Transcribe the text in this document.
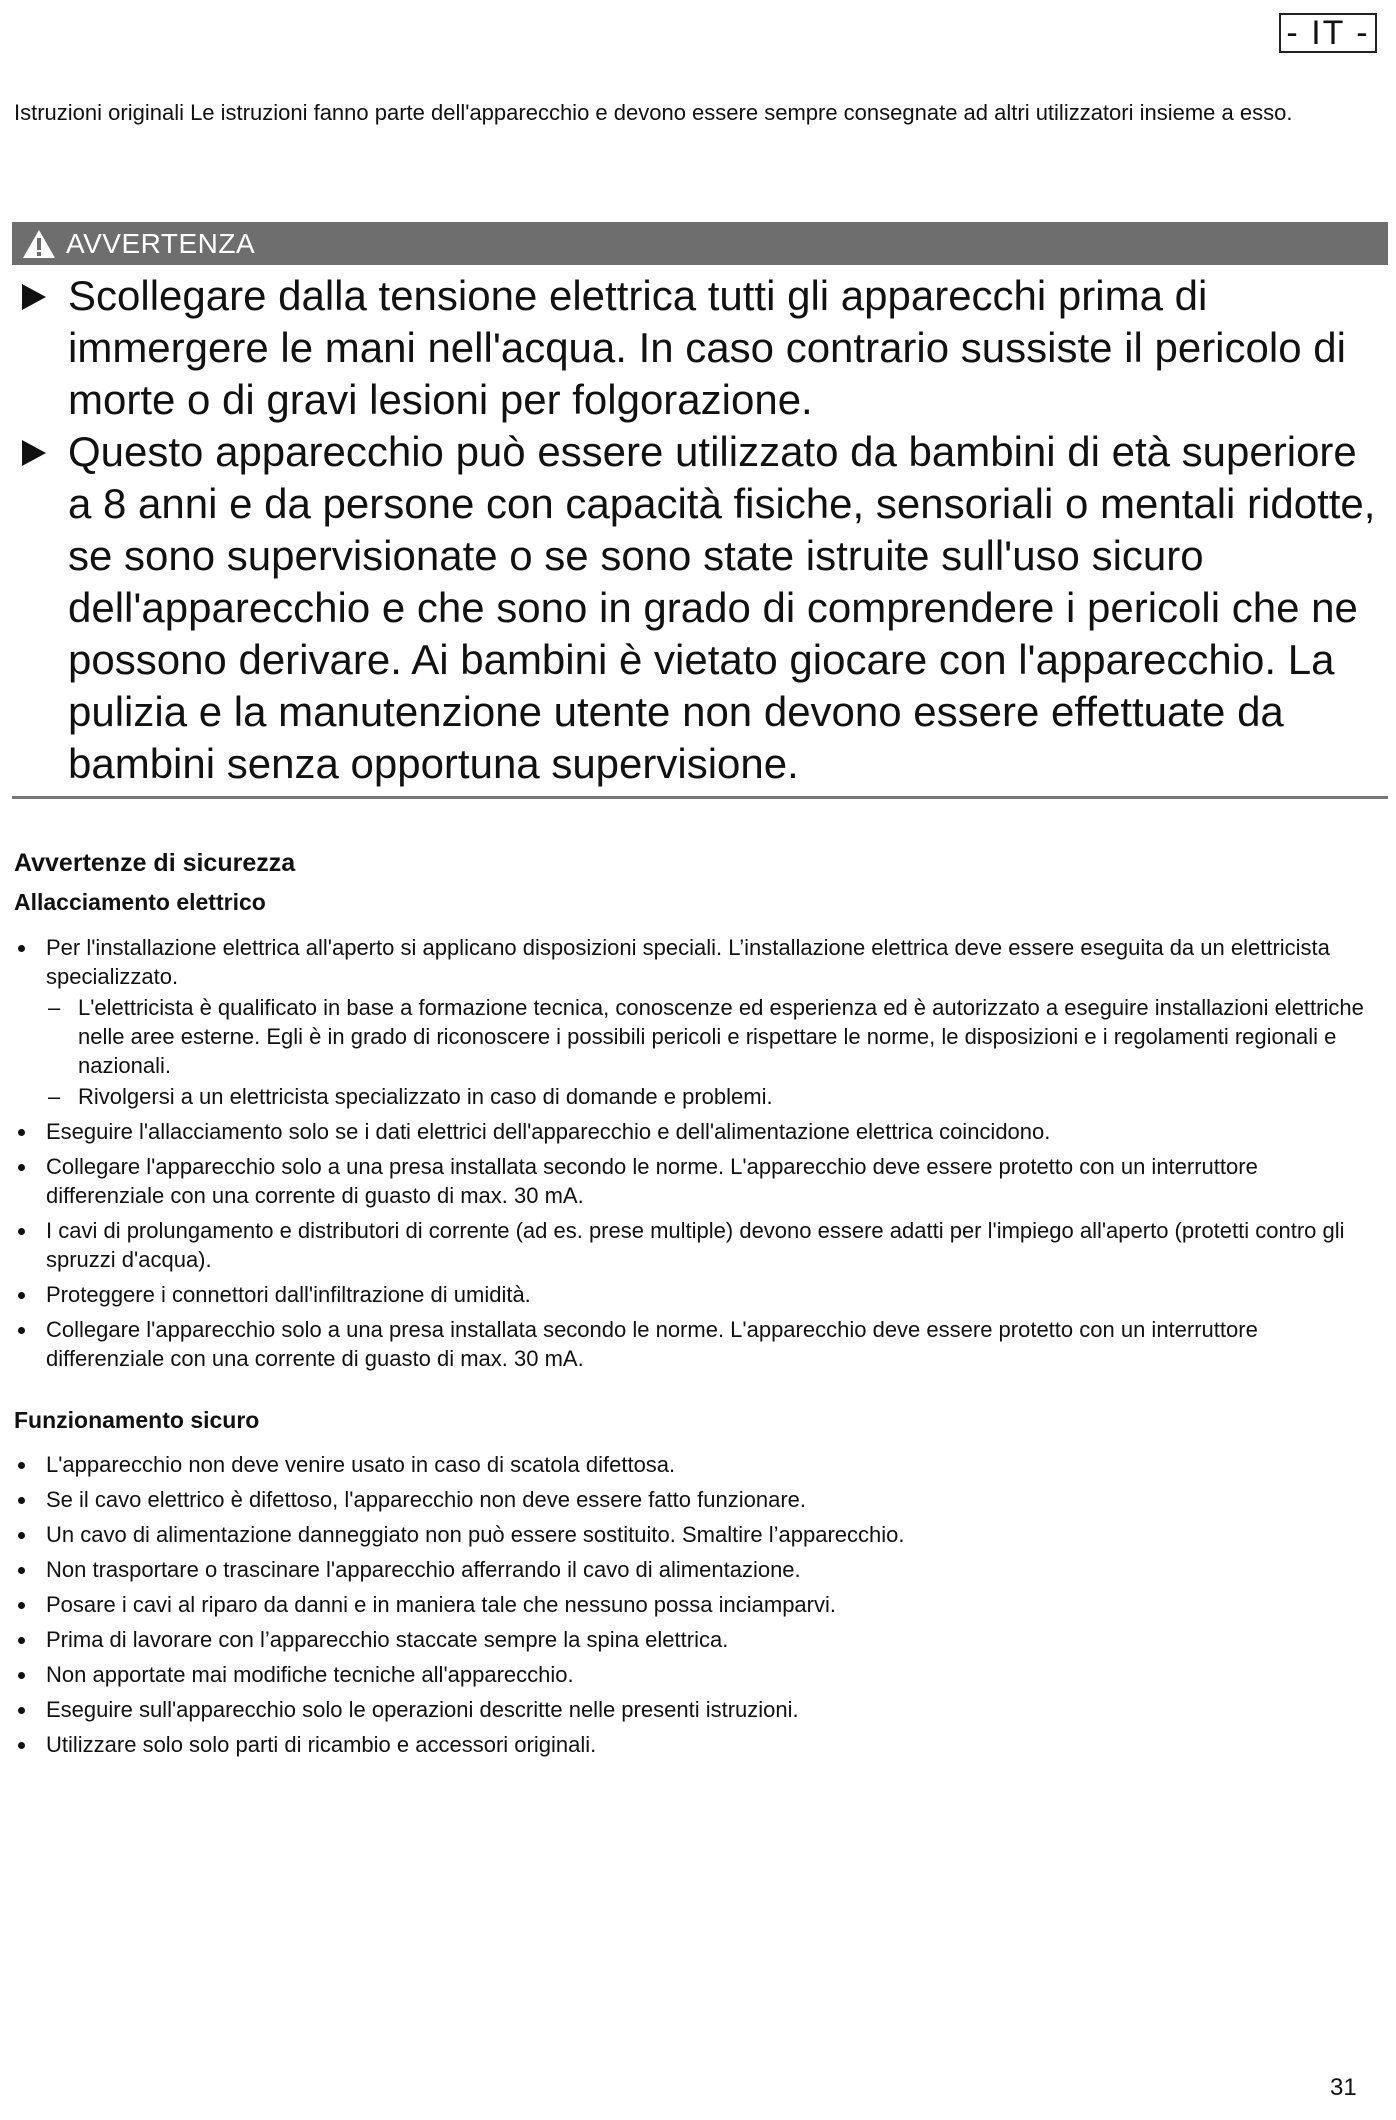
- IT -
Istruzioni originali Le istruzioni fanno parte dell'apparecchio e devono essere sempre consegnate ad altri utilizzatori insieme a esso.
AVVERTENZA
Scollegare dalla tensione elettrica tutti gli apparecchi prima di immergere le mani nell'acqua. In caso contrario sussiste il pericolo di morte o di gravi lesioni per folgorazione.
Questo apparecchio può essere utilizzato da bambini di età superiore a 8 anni e da persone con capacità fisiche, sensoriali o mentali ridotte, se sono supervisionate o se sono state istruite sull'uso sicuro dell'apparecchio e che sono in grado di comprendere i pericoli che ne possono derivare. Ai bambini è vietato giocare con l'apparecchio. La pulizia e la manutenzione utente non devono essere effettuate da bambini senza opportuna supervisione.
Avvertenze di sicurezza
Allacciamento elettrico
Per l'installazione elettrica all'aperto si applicano disposizioni speciali. L’installazione elettrica deve essere eseguita da un elettricista specializzato.
– L'elettricista è qualificato in base a formazione tecnica, conoscenze ed esperienza ed è autorizzato a eseguire installazioni elettriche nelle aree esterne. Egli è in grado di riconoscere i possibili pericoli e rispettare le norme, le disposizioni e i regolamenti regionali e nazionali.
– Rivolgersi a un elettricista specializzato in caso di domande e problemi.
Eseguire l'allacciamento solo se i dati elettrici dell'apparecchio e dell'alimentazione elettrica coincidono.
Collegare l'apparecchio solo a una presa installata secondo le norme. L'apparecchio deve essere protetto con un interruttore differenziale con una corrente di guasto di max. 30 mA.
I cavi di prolungamento e distributori di corrente (ad es. prese multiple) devono essere adatti per l'impiego all'aperto (protetti contro gli spruzzi d'acqua).
Proteggere i connettori dall'infiltrazione di umidità.
Collegare l'apparecchio solo a una presa installata secondo le norme. L'apparecchio deve essere protetto con un interruttore differenziale con una corrente di guasto di max. 30 mA.
Funzionamento sicuro
L'apparecchio non deve venire usato in caso di scatola difettosa.
Se il cavo elettrico è difettoso, l'apparecchio non deve essere fatto funzionare.
Un cavo di alimentazione danneggiato non può essere sostituito. Smaltire l’apparecchio.
Non trasportare o trascinare l'apparecchio afferrando il cavo di alimentazione.
Posare i cavi al riparo da danni e in maniera tale che nessuno possa inciamparvi.
Prima di lavorare con l’apparecchio staccate sempre la spina elettrica.
Non apportate mai modifiche tecniche all'apparecchio.
Eseguire sull'apparecchio solo le operazioni descritte nelle presenti istruzioni.
Utilizzare solo solo parti di ricambio e accessori originali.
31
